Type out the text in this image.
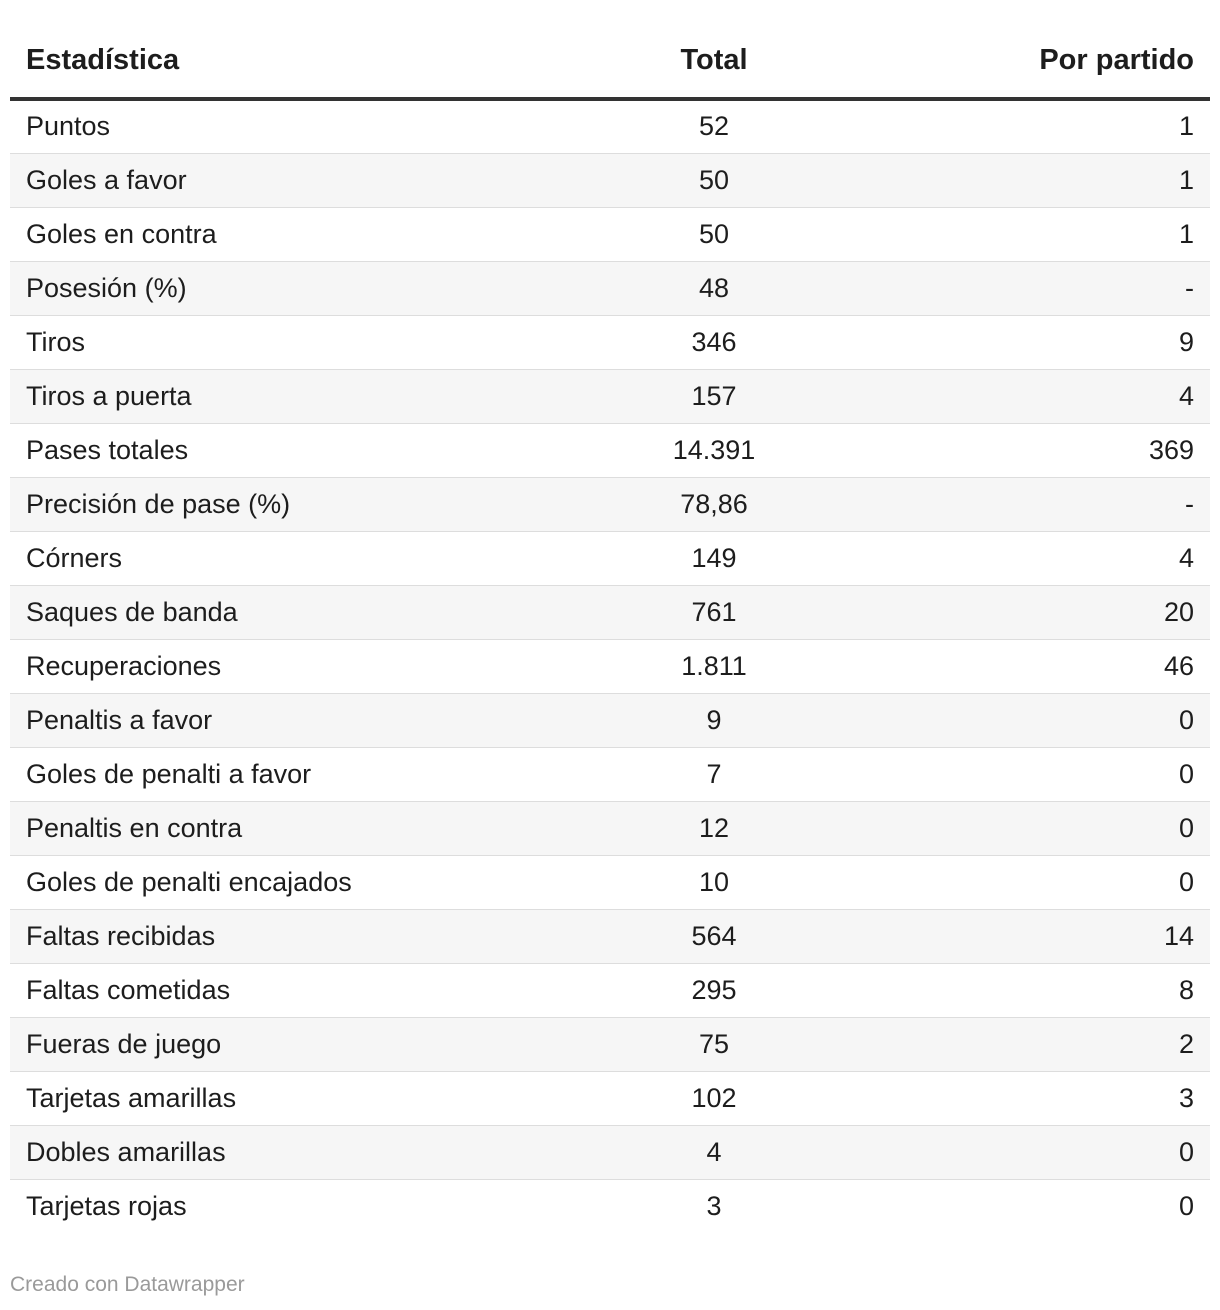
Estadística	Total	Por partido
Puntos	52	1
Goles a favor	50	1
Goles en contra	50	1
Posesión (%)	48	-
Tiros	346	9
Tiros a puerta	157	4
Pases totales	14.391	369
Precisión de pase (%)	78,86	-
Córners	149	4
Saques de banda	761	20
Recuperaciones	1.811	46
Penaltis a favor	9	0
Goles de penalti a favor	7	0
Penaltis en contra	12	0
Goles de penalti encajados	10	0
Faltas recibidas	564	14
Faltas cometidas	295	8
Fueras de juego	75	2
Tarjetas amarillas	102	3
Dobles amarillas	4	0
Tarjetas rojas	3	0
Creado con Datawrapper
